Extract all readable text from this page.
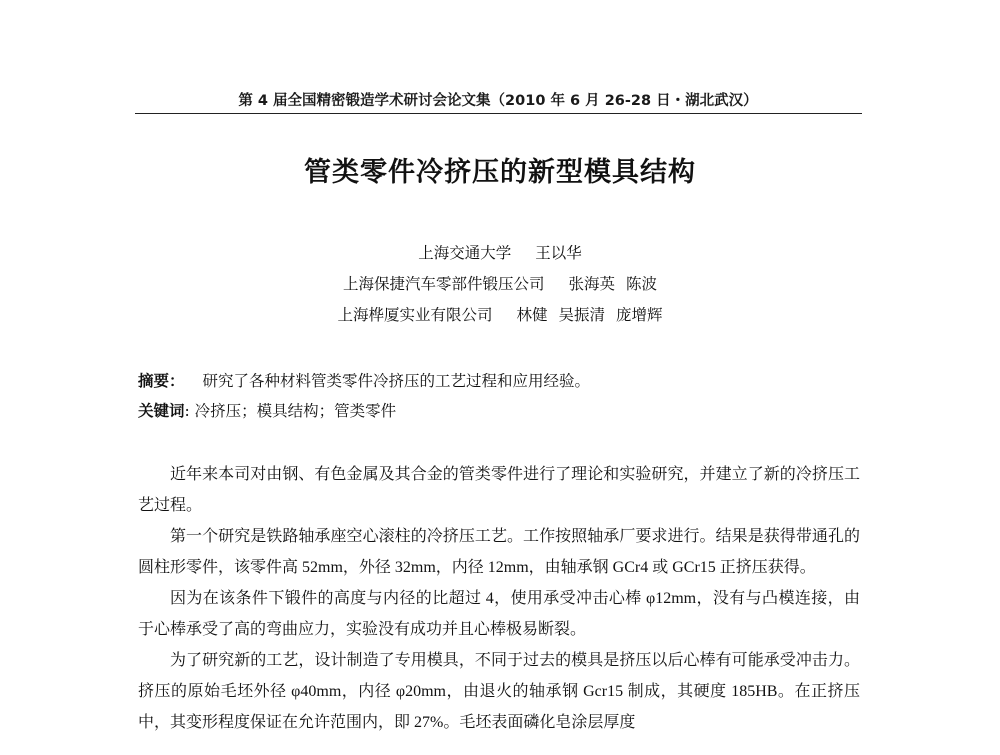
第 4 届全国精密锻造学术研讨会论文集（2010 年 6 月 26-28 日・湖北武汉）
管类零件冷挤压的新型模具结构
上海交通大学 王以华
上海保捷汽车零部件锻压公司 张海英 陈波
上海桦厦实业有限公司 林健 吴振清 庞增辉
摘要： 研究了各种材料管类零件冷挤压的工艺过程和应用经验。
关键词: 冷挤压；模具结构；管类零件

近年来本司对由钢、有色金属及其合金的管类零件进行了理论和实验研究，并建立了新的冷挤压工艺过程。

第一个研究是铁路轴承座空心滚柱的冷挤压工艺。工作按照轴承厂要求进行。结果是获得带通孔的圆柱形零件，该零件高 52mm，外径 32mm，内径 12mm，由轴承钢 GCr4 或 GCr15 正挤压获得。

因为在该条件下锻件的高度与内径的比超过 4，使用承受冲击心棒 φ12mm，没有与凸模连接，由于心棒承受了高的弯曲应力，实验没有成功并且心棒极易断裂。

为了研究新的工艺，设计制造了专用模具，不同于过去的模具是挤压以后心棒有可能承受冲击力。挤压的原始毛坯外径 φ40mm，内径 φ20mm，由退火的轴承钢 Gcr15 制成，其硬度 185HB。在正挤压中，其变形程度保证在允许范围内，即 27%。毛坯表面磷化皂涂层厚度
